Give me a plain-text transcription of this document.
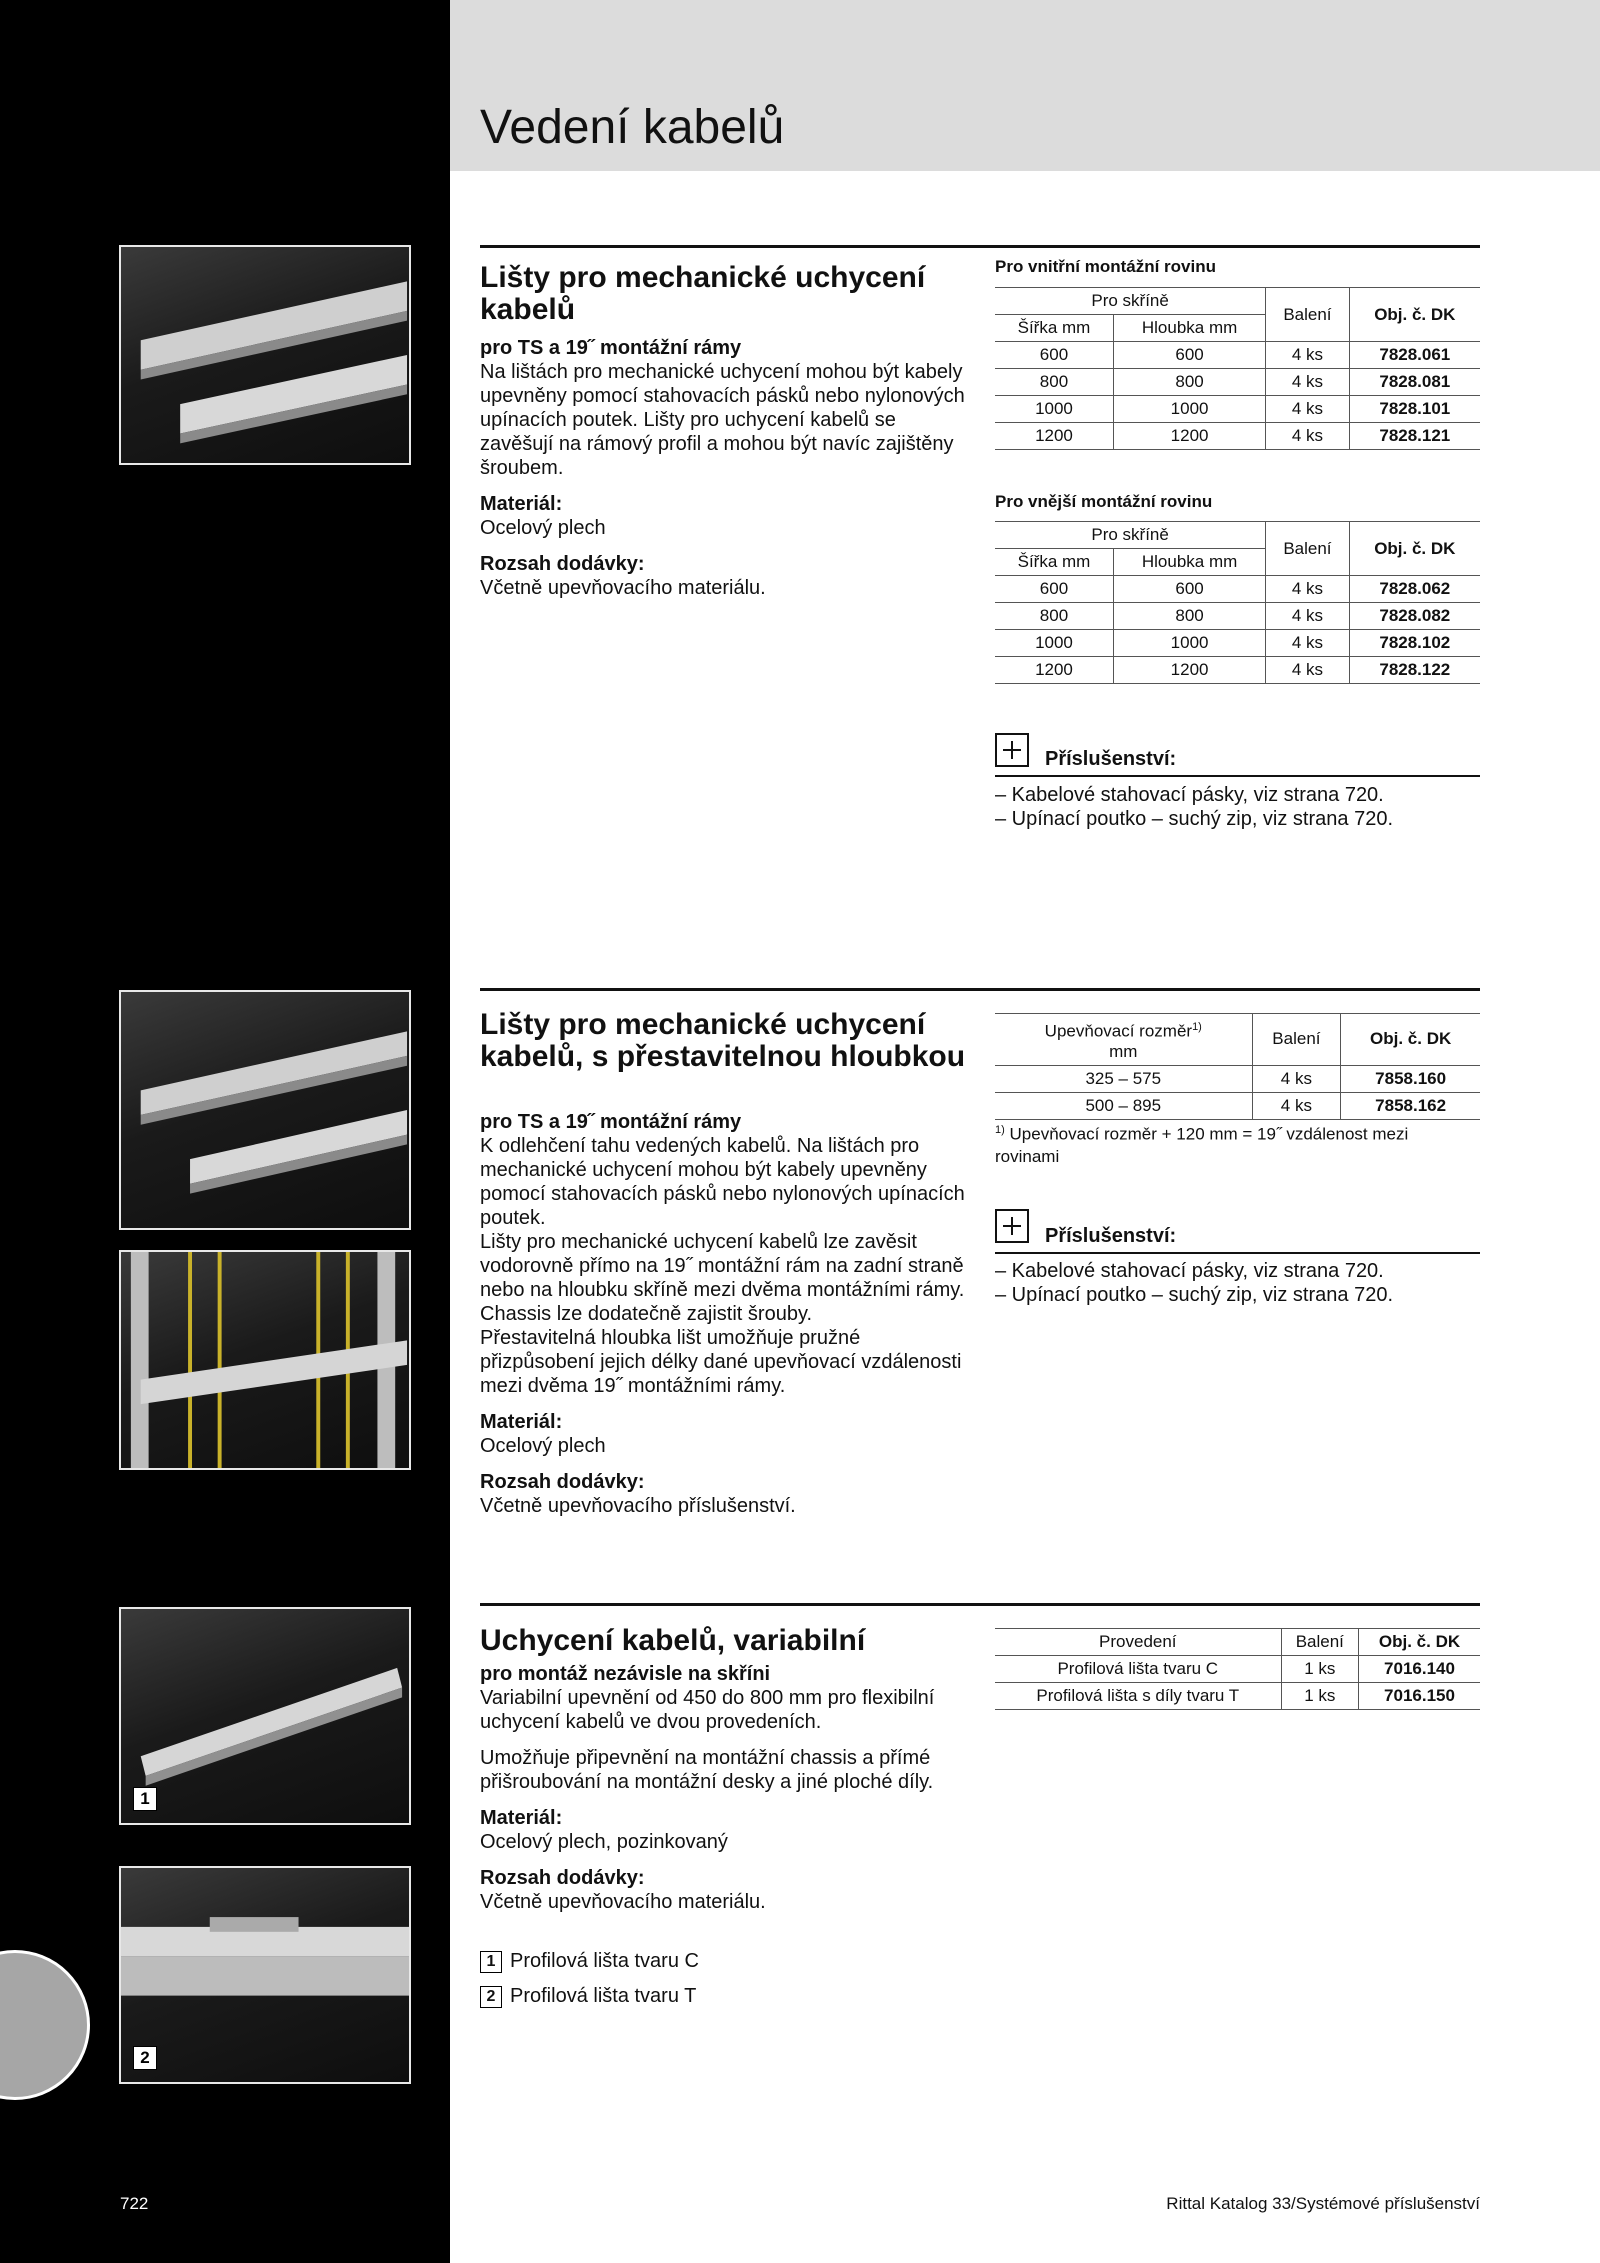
Vedení kabelů
1
2
Lišty pro mechanické uchycení kabelů
pro TS a 19˝ montážní rámy

Na lištách pro mechanické uchycení mohou být kabely upevněny pomocí stahovacích pásků nebo nylonových upínacích poutek. Lišty pro uchycení kabelů se zavěšují na rámový profil a mohou být navíc zajištěny šroubem.

Materiál:

Ocelový plech

Rozsah dodávky:

Včetně upevňovacího materiálu.

Pro vnitřní montážní rovinu
Pro skříně		Balení	Obj. č. DK
Šířka mm	Hloubka mm		
600	600	4 ks	7828.061
800	800	4 ks	7828.081
1000	1000	4 ks	7828.101
1200	1200	4 ks	7828.121
Pro vnější montážní rovinu
Pro skříně		Balení	Obj. č. DK
Šířka mm	Hloubka mm		
600	600	4 ks	7828.062
800	800	4 ks	7828.082
1000	1000	4 ks	7828.102
1200	1200	4 ks	7828.122
Příslušenství:
– Kabelové stahovací pásky, viz strana 720.
– Upínací poutko – suchý zip, viz strana 720.
Lišty pro mechanické uchycení kabelů, s přestavitelnou hloubkou
pro TS a 19˝ montážní rámy

K odlehčení tahu vedených kabelů. Na lištách pro mechanické uchycení mohou být kabely upevněny pomocí stahovacích pásků nebo nylonových upínacích poutek.

Lišty pro mechanické uchycení kabelů lze zavěsit vodorovně přímo na 19˝ montážní rám na zadní straně nebo na hloubku skříně mezi dvěma montážními rámy. Chassis lze dodatečně zajistit šrouby.

Přestavitelná hloubka lišt umožňuje pružné přizpůsobení jejich délky dané upevňovací vzdálenosti mezi dvěma 19˝ montážními rámy.

Materiál:

Ocelový plech

Rozsah dodávky:

Včetně upevňovacího příslušenství.

Upevňovací rozměr$^{1)}$
mm	Balení	Obj. č. DK
325 – 575	4 ks	7858.160
500 – 895	4 ks	7858.162
$^{1)}$ Upevňovací rozměr + 120 mm = 19˝ vzdálenost mezi rovinami
Příslušenství:
– Kabelové stahovací pásky, viz strana 720.
– Upínací poutko – suchý zip, viz strana 720.
Uchycení kabelů, variabilní
pro montáž nezávisle na skříni

Variabilní upevnění od 450 do 800 mm pro flexibilní uchycení kabelů ve dvou provedeních.

Umožňuje připevnění na montážní chassis a přímé přišroubování na montážní desky a jiné ploché díly.

Materiál:

Ocelový plech, pozinkovaný

Rozsah dodávky:

Včetně upevňovacího materiálu.

1 Profilová lišta tvaru C
2 Profilová lišta tvaru T
Provedení	Balení	Obj. č. DK
Profilová lišta tvaru C	1 ks	7016.140
Profilová lišta s díly tvaru T	1 ks	7016.150
722	Rittal Katalog 33/Systémové příslušenství
